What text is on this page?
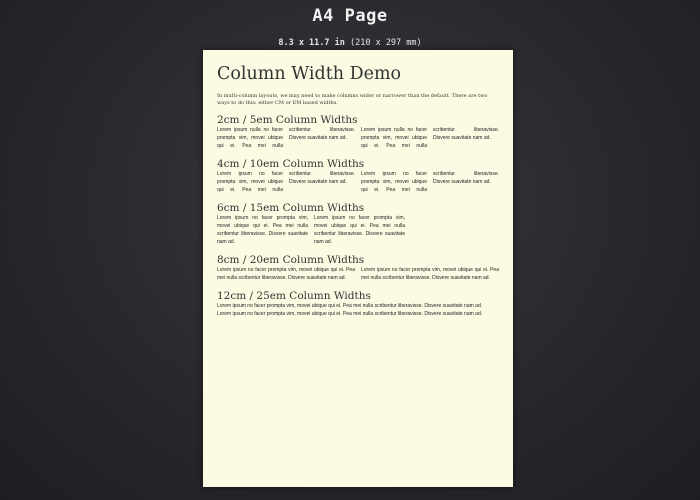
A4 Page
8.3 x 11.7 in (210 x 297 mm)
Column Width Demo

In multi-column layouts, we may need to make columns wider or narrower than the default. There are two ways to do this: either CM or EM based widths.

2cm / 5em Column Widths

Lorem ipsum nulla no facer prompta vim, movei ubique qui ei. Pea mei nulla scribentur liberavisse. Disvere suavitate nam ad.

Lorem ipsum nulla no facer prompta vim, movei ubique qui ei. Pea mei nulla scribentur liberavisse. Disvere suavitate nam ad.

4cm / 10em Column Widths

Lorem ipsum no facer prompta vim, movei ubique qui ei. Pea mei nulla scribentur liberavisse. Disvere suavitate nam ad.

Lorem ipsum no facer prompta vim, movei ubique qui ei. Pea mei nulla scribentur liberavisse. Disvere suavitate nam ad.

6cm / 15em Column Widths

Lorem ipsum no facer prompta vim, movei ubique qui ei. Pea mei nulla scribentur liberavisse. Disvere suavitate nam ad.

Lorem ipsum no facer prompta vim, movei ubique qui ei. Pea mei nulla scribentur liberavisse. Disvere suavitate nam ad.

8cm / 20em Column Widths

Lorem ipsum no facer prompta vim, movei ubique qui ei. Pea mei nulla scribentur liberavisse. Disvere suavitate nam ad.

Lorem ipsum no facer prompta vim, movei ubique qui ei. Pea mei nulla scribentur liberavisse. Disvere suavitate nam ad.

12cm / 25em Column Widths

Lorem ipsum no facer prompta vim, movei ubique qui ei. Pea mei nulla scribentur liberavisse. Disvere suavitate nam ad.

Lorem ipsum no facer prompta vim, movei ubique qui ei. Pea mei nulla scribentur liberavisse. Disvere suavitate nam ad.
